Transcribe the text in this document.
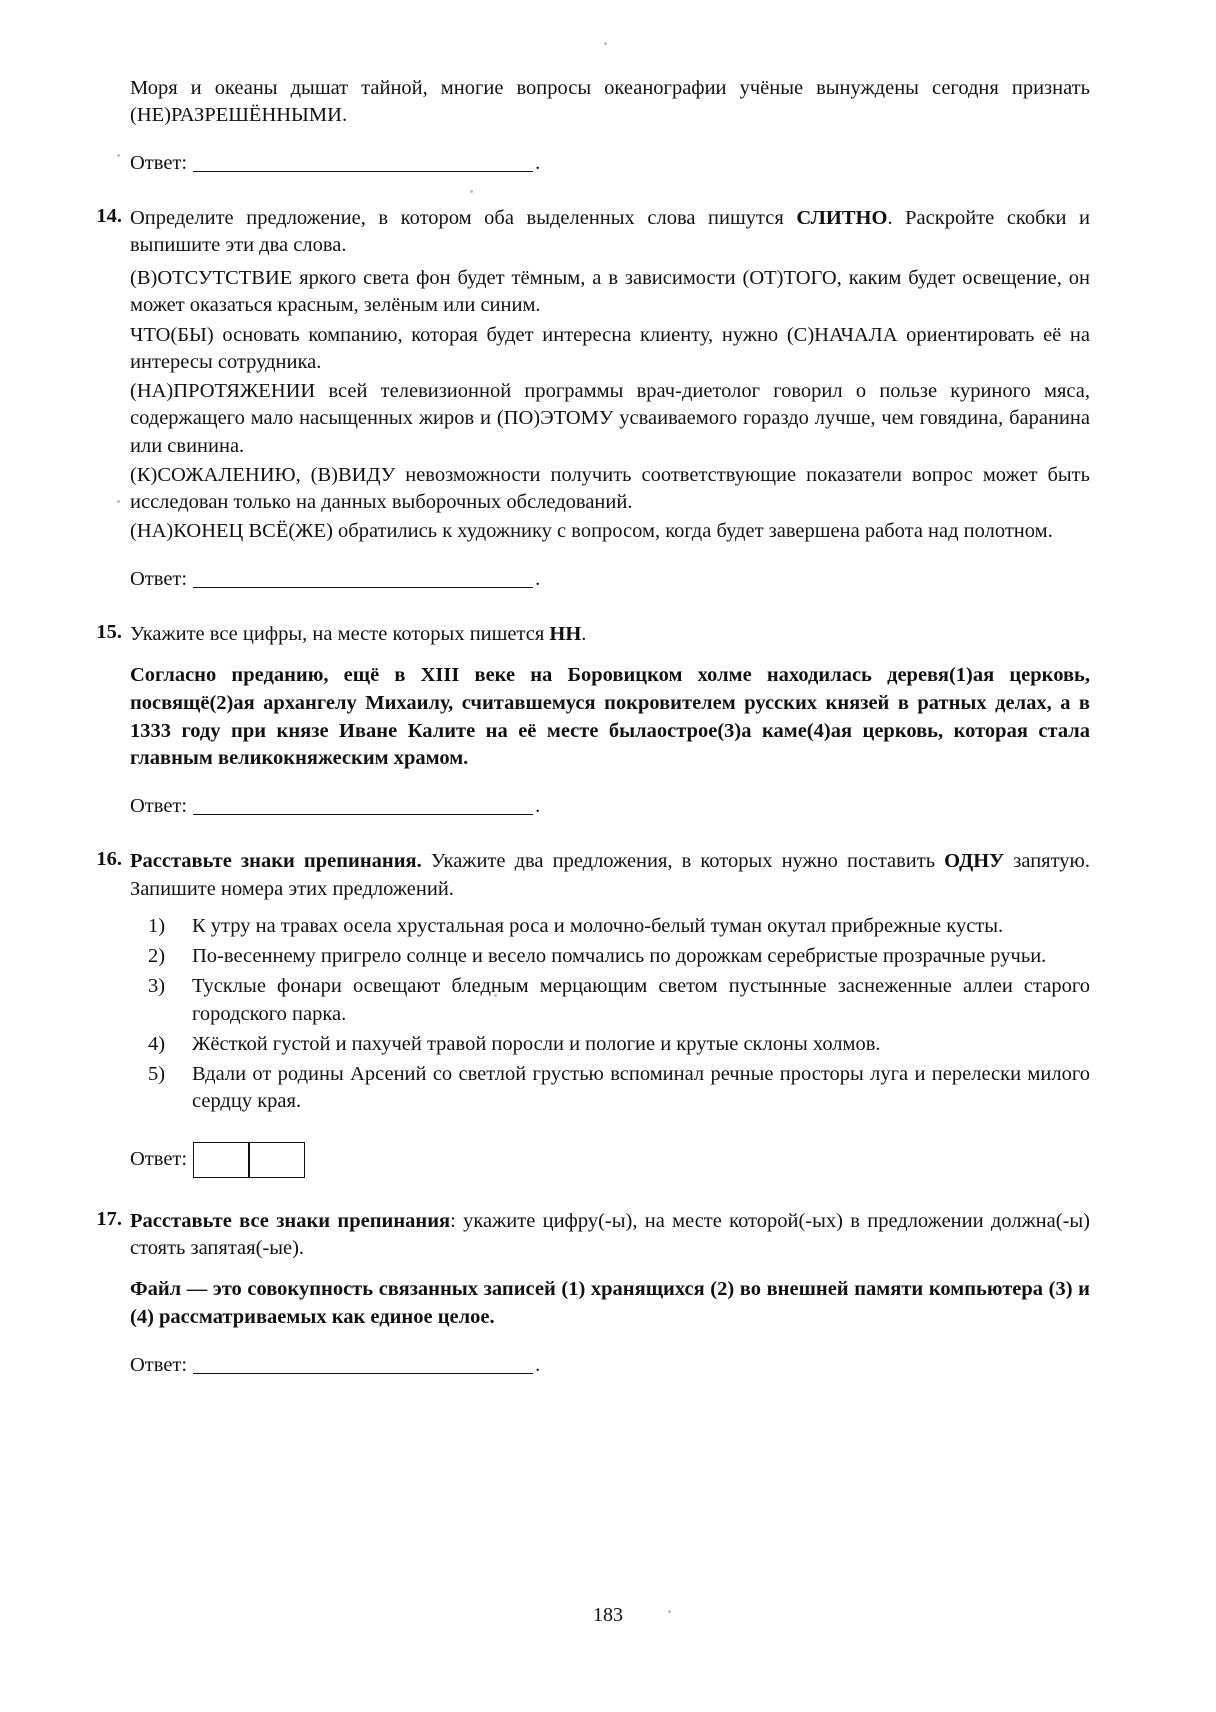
Моря и океаны дышат тайной, многие вопросы океанографии учёные вынуждены сегодня признать (НЕ)РАЗРЕШЁННЫМИ.

Ответ:	.
14. Определите предложение, в котором оба выделенных слова пишутся СЛИТНО. Раскройте скобки и выпишите эти два слова.

(В)ОТСУТСТВИЕ яркого света фон будет тёмным, а в зависимости (ОТ)ТОГО, каким будет освещение, он может оказаться красным, зелёным или синим.

ЧТО(БЫ) основать компанию, которая будет интересна клиенту, нужно (С)НАЧАЛА ориентировать её на интересы сотрудника.

(НА)ПРОТЯЖЕНИИ всей телевизионной программы врач-диетолог говорил о пользе куриного мяса, содержащего мало насыщенных жиров и (ПО)ЭТОМУ усваиваемого гораздо лучше, чем говядина, баранина или свинина.

(К)СОЖАЛЕНИЮ, (В)ВИДУ невозможности получить соответствующие показатели вопрос может быть исследован только на данных выборочных обследований.

(НА)КОНЕЦ ВСЁ(ЖЕ) обратились к художнику с вопросом, когда будет завершена работа над полотном.

Ответ:	.
15. Укажите все цифры, на месте которых пишется НН.

Согласно преданию, ещё в XIII веке на Боровицком холме находилась деревя(1)ая церковь, посвящё(2)ая архангелу Михаилу, считавшемуся покровителем русских князей в ратных делах, а в 1333 году при князе Иване Калите на её месте былаострое(3)а каме(4)ая церковь, которая стала главным великокняжеским храмом.

Ответ:	.
16. Расставьте знаки препинания. Укажите два предложения, в которых нужно поставить ОДНУ запятую. Запишите номера этих предложений.

1)	К утру на травах осела хрустальная роса и молочно-белый туман окутал прибрежные кусты.
2)	По-весеннему пригрело солнце и весело помчались по дорожкам серебристые прозрачные ручьи.
3)	Тусклые фонари освещают бледным мерцающим светом пустынные заснеженные аллеи старого городского парка.
4)	Жёсткой густой и пахучей травой поросли и пологие и крутые склоны холмов.
5)	Вдали от родины Арсений со светлой грустью вспоминал речные просторы луга и перелески милого сердцу края.
Ответ:
17. Расставьте все знаки препинания: укажите цифру(-ы), на месте которой(-ых) в предложении должна(-ы) стоять запятая(-ые).

Файл — это совокупность связанных записей (1) хранящихся (2) во внешней памяти компьютера (3) и (4) рассматриваемых как единое целое.

Ответ:	.
183
